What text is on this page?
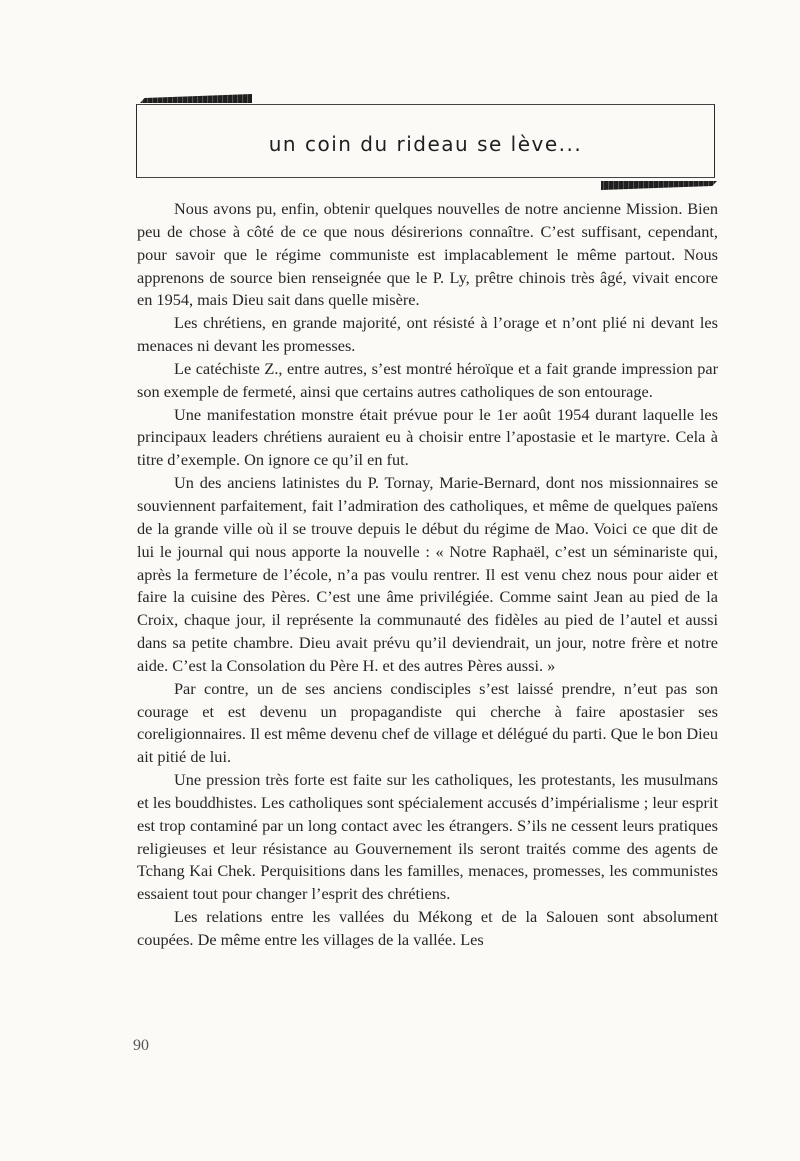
un coin du rideau se lève...

Nous avons pu, enfin, obtenir quelques nouvelles de notre ancienne Mission. Bien peu de chose à côté de ce que nous désirerions connaître. C’est suffisant, cependant, pour savoir que le régime communiste est implacablement le même partout. Nous apprenons de source bien renseignée que le P. Ly, prêtre chinois très âgé, vivait encore en 1954, mais Dieu sait dans quelle misère.

Les chrétiens, en grande majorité, ont résisté à l’orage et n’ont plié ni devant les menaces ni devant les promesses.

Le catéchiste Z., entre autres, s’est montré héroïque et a fait grande impression par son exemple de fermeté, ainsi que certains autres catholiques de son entourage.

Une manifestation monstre était prévue pour le 1er août 1954 durant laquelle les principaux leaders chrétiens auraient eu à choisir entre l’apostasie et le martyre. Cela à titre d’exemple. On ignore ce qu’il en fut.

Un des anciens latinistes du P. Tornay, Marie-Bernard, dont nos missionnaires se souviennent parfaitement, fait l’admiration des catholiques, et même de quelques païens de la grande ville où il se trouve depuis le début du régime de Mao. Voici ce que dit de lui le journal qui nous apporte la nouvelle : « Notre Raphaël, c’est un séminariste qui, après la fermeture de l’école, n’a pas voulu rentrer. Il est venu chez nous pour aider et faire la cuisine des Pères. C’est une âme privilégiée. Comme saint Jean au pied de la Croix, chaque jour, il représente la communauté des fidèles au pied de l’autel et aussi dans sa petite chambre. Dieu avait prévu qu’il deviendrait, un jour, notre frère et notre aide. C’est la Consolation du Père H. et des autres Pères aussi. »

Par contre, un de ses anciens condisciples s’est laissé prendre, n’eut pas son courage et est devenu un propagandiste qui cherche à faire apostasier ses coreligionnaires. Il est même devenu chef de village et délégué du parti. Que le bon Dieu ait pitié de lui.

Une pression très forte est faite sur les catholiques, les protestants, les musulmans et les bouddhistes. Les catholiques sont spécialement accusés d’impérialisme ; leur esprit est trop contaminé par un long contact avec les étrangers. S’ils ne cessent leurs pratiques religieuses et leur résistance au Gouvernement ils seront traités comme des agents de Tchang Kai Chek. Perquisitions dans les familles, menaces, promesses, les communistes essaient tout pour changer l’esprit des chrétiens.

Les relations entre les vallées du Mékong et de la Salouen sont absolument coupées. De même entre les villages de la vallée. Les

90
